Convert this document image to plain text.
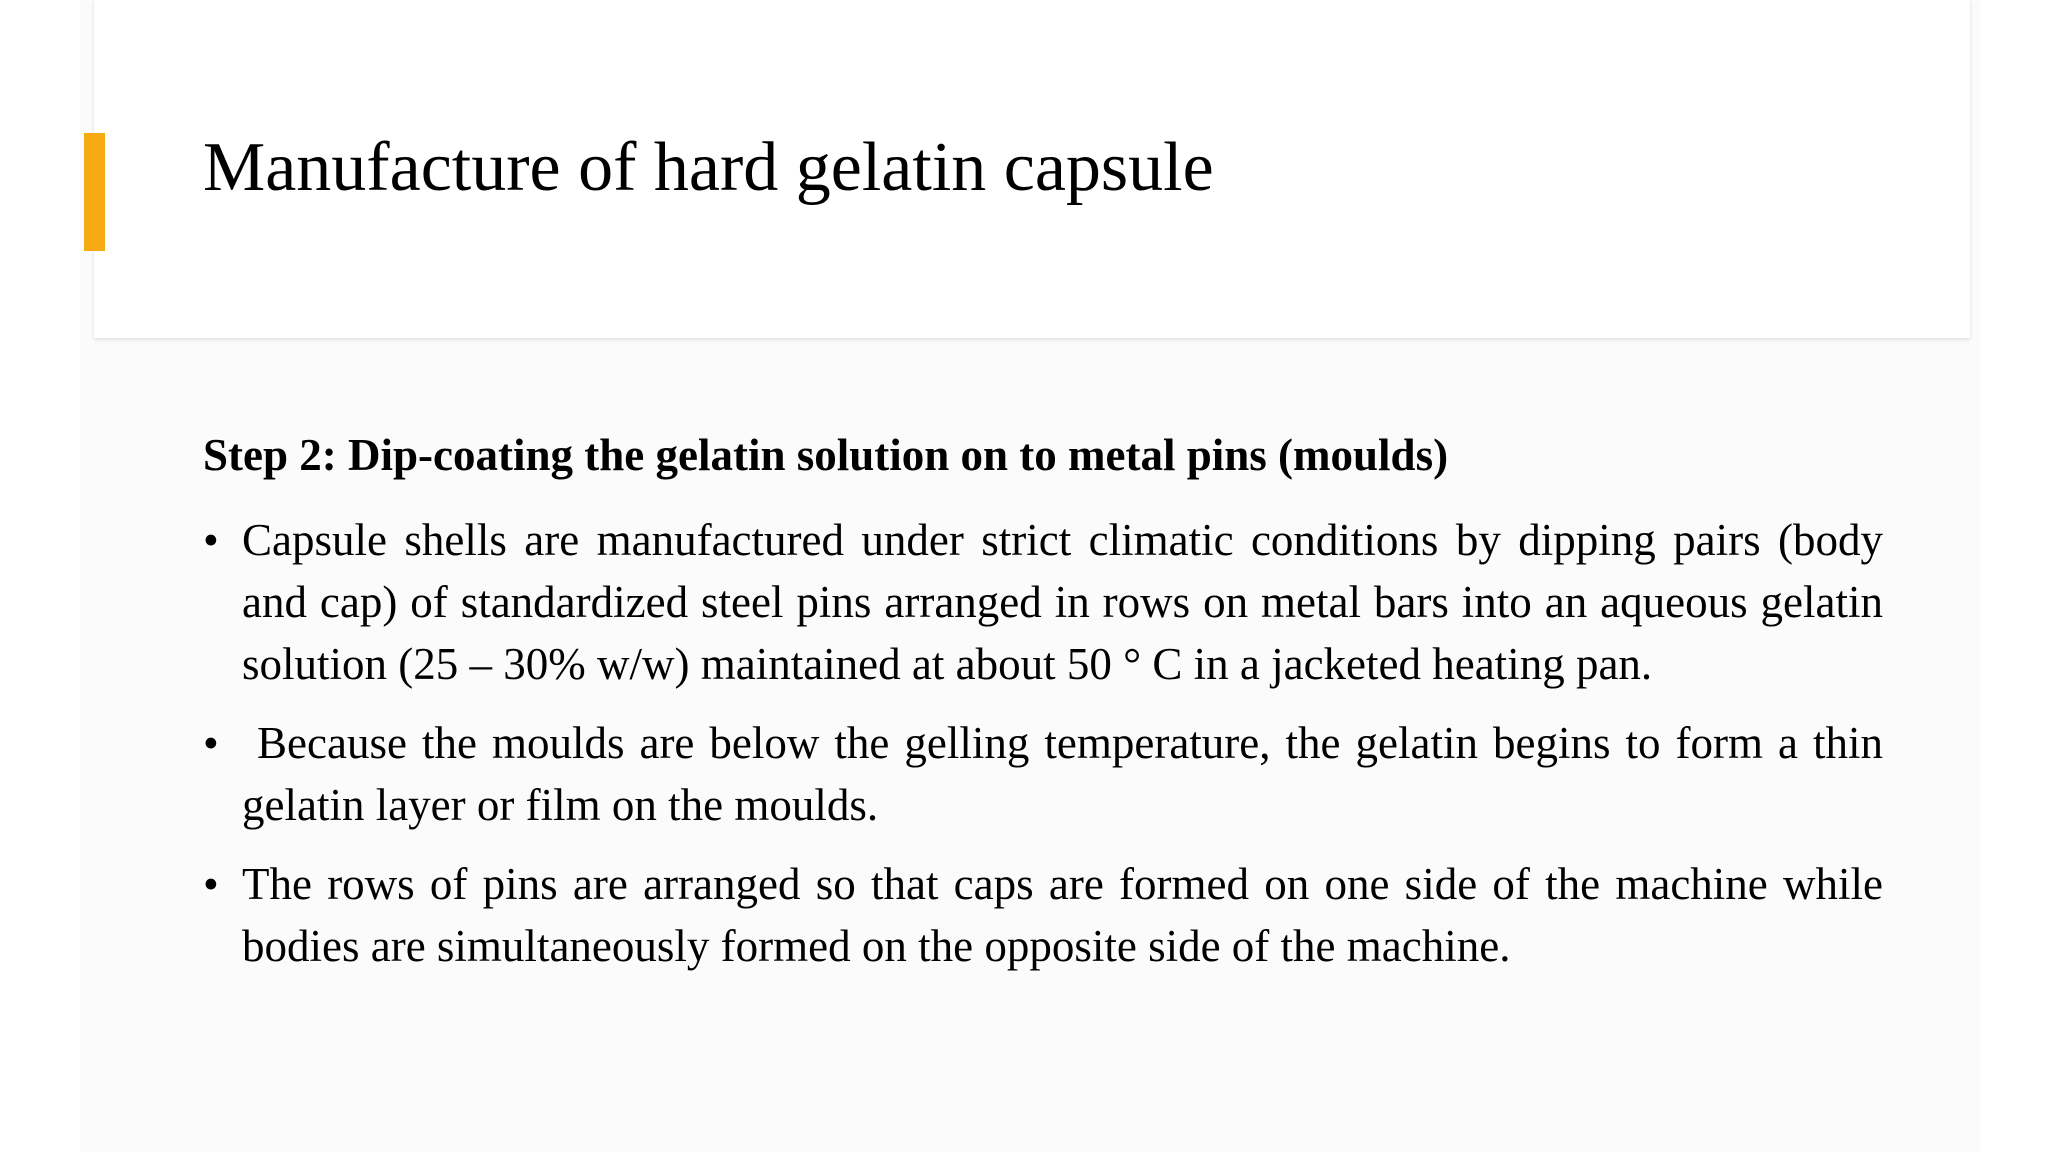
Manufacture of hard gelatin capsule

Step 2: Dip-coating the gelatin solution on to metal pins (moulds)

• Capsule shells are manufactured under strict climatic conditions by dipping pairs (body and cap) of standardized steel pins arranged in rows on metal bars into an aqueous gelatin solution (25 – 30% w/w) maintained at about 50 ° C in a jacketed heating pan.
• Because the moulds are below the gelling temperature, the gelatin begins to form a thin gelatin layer or film on the moulds.
• The rows of pins are arranged so that caps are formed on one side of the machine while bodies are simultaneously formed on the opposite side of the machine.
